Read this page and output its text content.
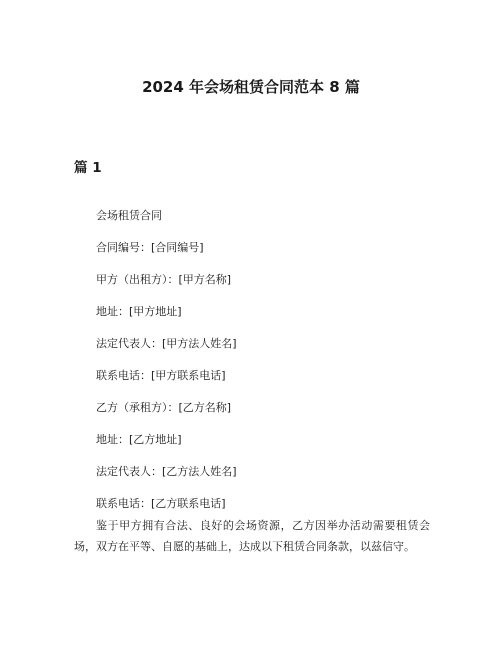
2024 年会场租赁合同范本 8 篇
篇 1

会场租赁合同

合同编号：[合同编号]

甲方（出租方）：[甲方名称]

地址：[甲方地址]

法定代表人：[甲方法人姓名]

联系电话：[甲方联系电话]

乙方（承租方）：[乙方名称]

地址：[乙方地址]

法定代表人：[乙方法人姓名]

联系电话：[乙方联系电话]

鉴于甲方拥有合法、良好的会场资源，乙方因举办活动需要租赁会场，双方在平等、自愿的基础上，达成以下租赁合同条款，以兹信守。
